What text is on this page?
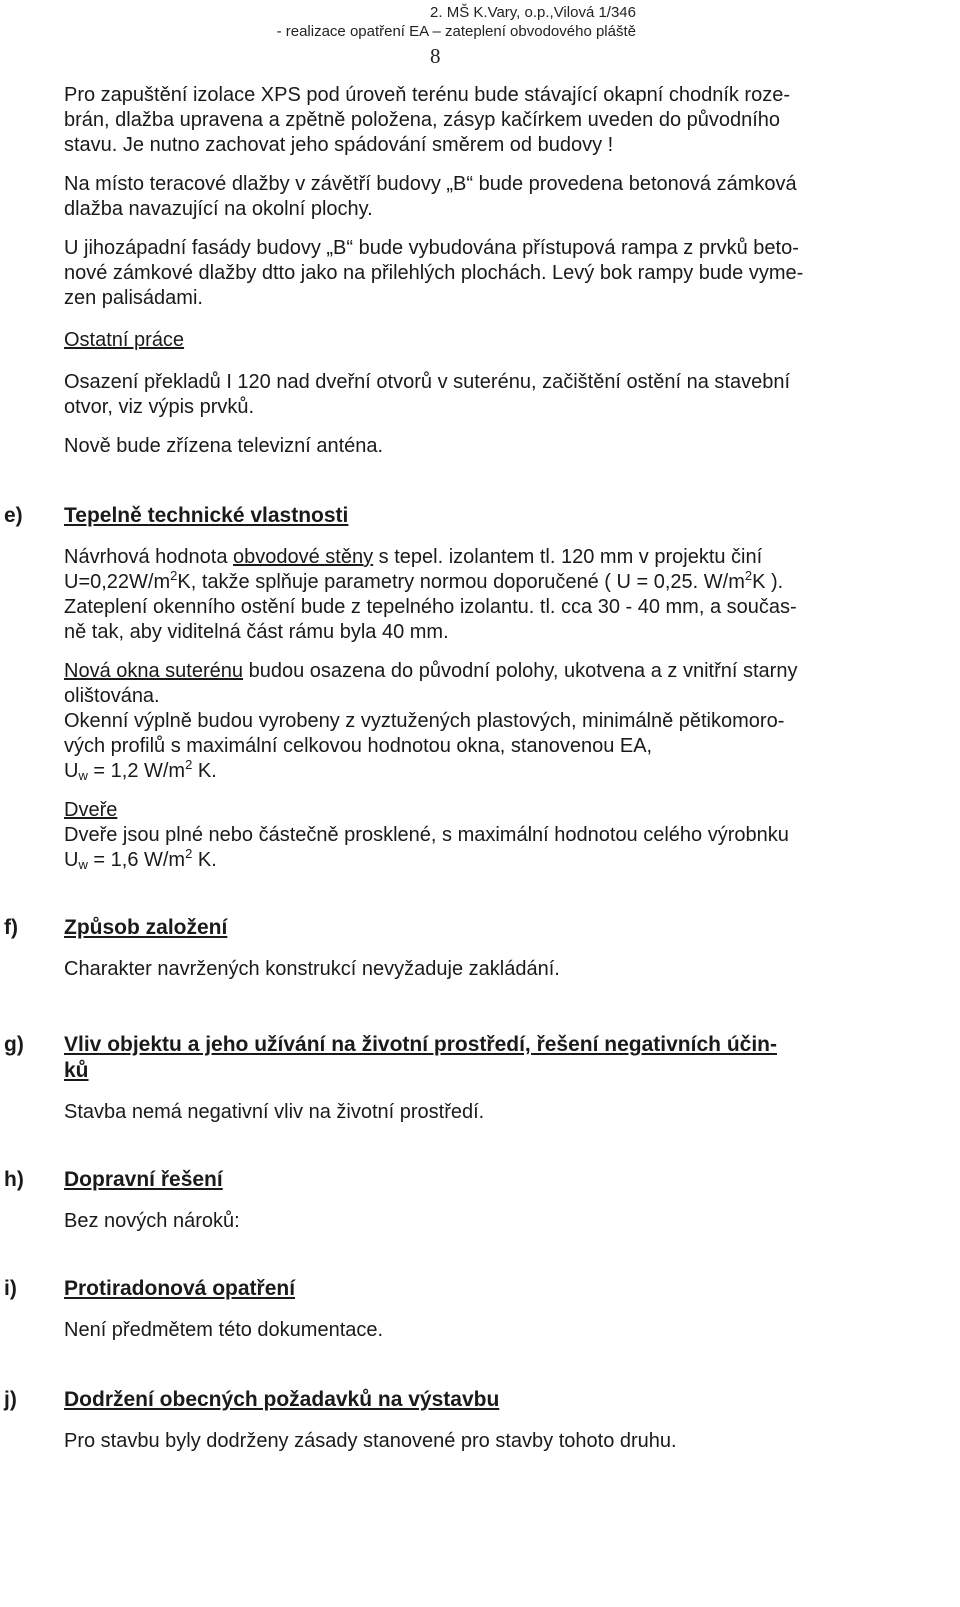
2. MŠ K.Vary, o.p.,Vilová 1/346
- realizace opatření EA – zateplení obvodového pláště
8

Pro zapuštění izolace XPS pod úroveň terénu bude stávající okapní chodník roze-
brán, dlažba upravena a zpětně položena, zásyp kačírkem uveden do původního
stavu. Je nutno zachovat jeho spádování směrem od budovy !

Na místo teracové dlažby v závětří budovy „B“ bude provedena betonová zámková
dlažba navazující na okolní plochy.

U jihozápadní fasády budovy „B“ bude vybudována přístupová rampa z prvků beto-
nové zámkové dlažby dtto jako na přilehlých plochách. Levý bok rampy bude vyme-
zen palisádami.

Ostatní práce

Osazení překladů I 120 nad dveřní otvorů v suterénu, začištění ostění na stavební
otvor, viz výpis prvků.

Nově bude zřízena televizní anténa.

e) Tepelně technické vlastnosti

Návrhová hodnota obvodové stěny s tepel. izolantem tl. 120 mm v projektu činí
$U=0,22W/m^2K$, takže splňuje parametry normou doporučené ( U = 0,25. $W/m^2K$ ).
Zateplení okenního ostění bude z tepelného izolantu. tl. cca 30 - 40 mm, a součas-
ně tak, aby viditelná část rámu byla 40 mm.

Nová okna suterénu budou osazena do původní polohy, ukotvena a z vnitřní starny
olištována.
Okenní výplně budou vyrobeny z vyztužených plastových, minimálně pětikomoro-
vých profilů s maximální celkovou hodnotou okna, stanovenou EA,
$U_w = 1,2$ $W/m^2$ K.

Dveře

Dveře jsou plné nebo částečně prosklené, s maximální hodnotou celého výrobnku
$U_w = 1,6$ $W/m^2$ K.

f) Způsob založení

Charakter navržených konstrukcí nevyžaduje zakládání.

g) Vliv objektu a jeho užívání na životní prostředí, řešení negativních účin-
ků

Stavba nemá negativní vliv na životní prostředí.

h) Dopravní řešení

Bez nových nároků:

i) Protiradonová opatření

Není předmětem této dokumentace.

j) Dodržení obecných požadavků na výstavbu

Pro stavbu byly dodrženy zásady stanovené pro stavby tohoto druhu.
